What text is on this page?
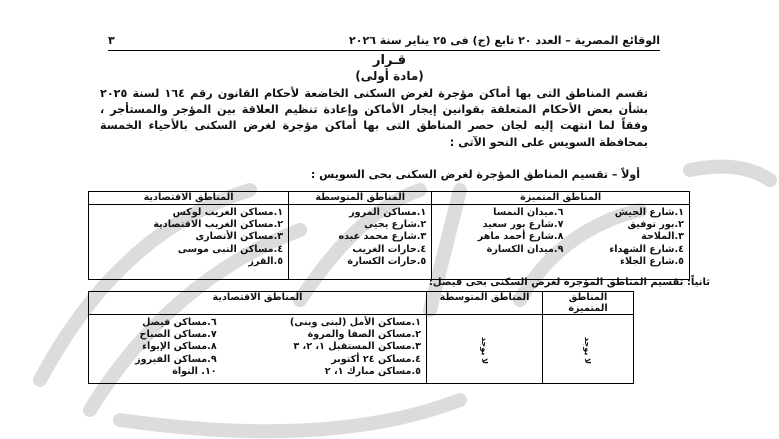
الوقائع المصرية – العدد ٢٠ تابع (ج) فى ٢٥ يناير سنة ٢٠٢٦
٣
قـرار
(مادة أولى)
تقسم المناطق التى بها أماكن مؤجرة لغرض السكنى الخاضعة لأحكام القانون رقم ١٦٤ لسنة ٢٠٢٥ بشأن بعض الأحكام المتعلقة بقوانين إيجار الأماكن وإعادة تنظيم العلاقة بين المؤجر والمستأجر ، وفقاً لما انتهت إليه لجان حصر المناطق التى بها أماكن مؤجرة لغرض السكنى بالأحياء الخمسة بمحافظة السويس على النحو الآتى :
أولاً – تقسيم المناطق المؤجرة لغرض السكنى بحى السويس :
المناطق المتميزة		المناطق المتوسطة	المناطق الاقتصادية

١.شارع الجيش
٢.بور توفيق
٣.الملاحة
٤.شارع الشهداء
٥.شارع الجلاء	٦.ميدان النمسا
٧.شارع بور سعيد
٨.شارع أحمد ماهر
٩.ميدان الكسارة	١.مساكن المرور
٢.شارع يحيى
٣.شارع محمد عبده
٤.حارات الغريب
٥.حارات الكسارة	١.مساكن الغريب لوكس
٢.مساكن الغريب الاقتصادية
٣.مساكن الأنصارى
٤.مساكن النبى موسى
٥.القرز
ثانياً: تقسيم المناطق المؤجرة لغرض السكنى بحى فيصل:
المناطق المتميزة	المناطق المتوسطة	المناطق الاقتصادية	
لا يوجد	لا يوجد	١.مساكن الأمل (لبنى وبنى)
٢.مساكن الصفا والمروة
٣.مساكن المستقبل ١، ٢، ٣
٤.مساكن ٢٤ أكتوبر
٥.مساكن مبارك ١، ٢	٦.مساكن فيصل
٧.مساكن الصباح
٨.مساكن الإيواء
٩.مساكن الفيروز
١٠. النواة
